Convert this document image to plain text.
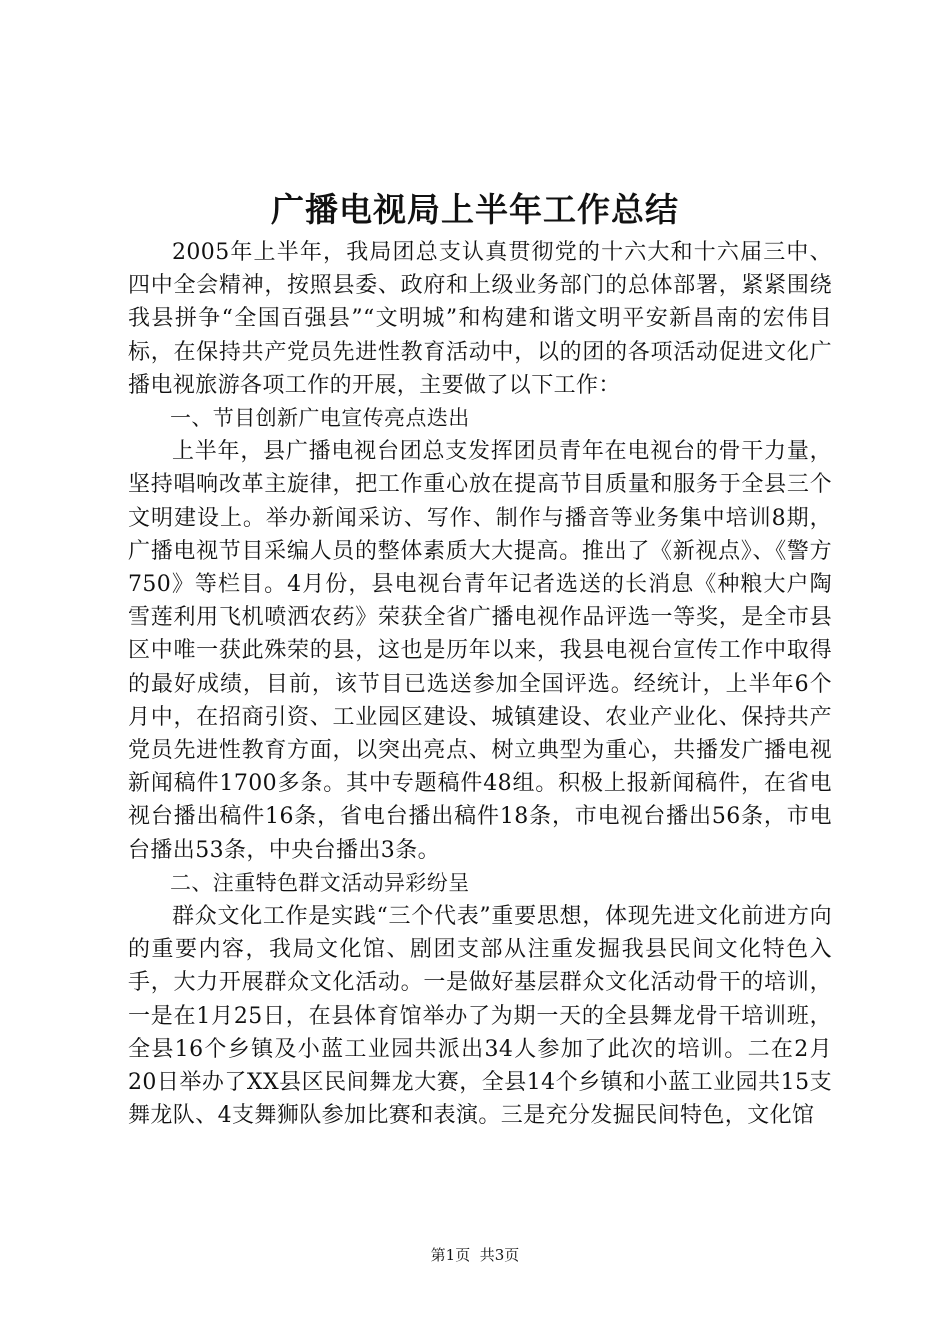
广播电视局上半年工作总结

2005年上半年，我局团总支认真贯彻党的十六大和十六届三中、四中全会精神，按照县委、政府和上级业务部门的总体部署，紧紧围绕我县拼争“全国百强县”“文明城”和构建和谐文明平安新昌南的宏伟目标，在保持共产党员先进性教育活动中，以的团的各项活动促进文化广播电视旅游各项工作的开展，主要做了以下工作：

一、节目创新广电宣传亮点迭出

上半年，县广播电视台团总支发挥团员青年在电视台的骨干力量，坚持唱响改革主旋律，把工作重心放在提高节目质量和服务于全县三个文明建设上。举办新闻采访、写作、制作与播音等业务集中培训8期，广播电视节目采编人员的整体素质大大提高。推出了《新视点》、《警方750》等栏目。4月份，县电视台青年记者选送的长消息《种粮大户陶雪莲利用飞机喷洒农药》荣获全省广播电视作品评选一等奖，是全市县区中唯一获此殊荣的县，这也是历年以来，我县电视台宣传工作中取得的最好成绩，目前，该节目已选送参加全国评选。经统计，上半年6个月中，在招商引资、工业园区建设、城镇建设、农业产业化、保持共产党员先进性教育方面，以突出亮点、树立典型为重心，共播发广播电视新闻稿件1700多条。其中专题稿件48组。积极上报新闻稿件，在省电视台播出稿件16条，省电台播出稿件18条，市电视台播出56条，市电台播出53条，中央台播出3条。

二、注重特色群文活动异彩纷呈

群众文化工作是实践“三个代表”重要思想，体现先进文化前进方向的重要内容，我局文化馆、剧团支部从注重发掘我县民间文化特色入手，大力开展群众文化活动。一是做好基层群众文化活动骨干的培训，一是在1月25日，在县体育馆举办了为期一天的全县舞龙骨干培训班，全县16个乡镇及小蓝工业园共派出34人参加了此次的培训。二在2月20日举办了XX县区民间舞龙大赛，全县14个乡镇和小蓝工业园共15支舞龙队、4支舞狮队参加比赛和表演。三是充分发掘民间特色，文化馆

第1页 共3页
